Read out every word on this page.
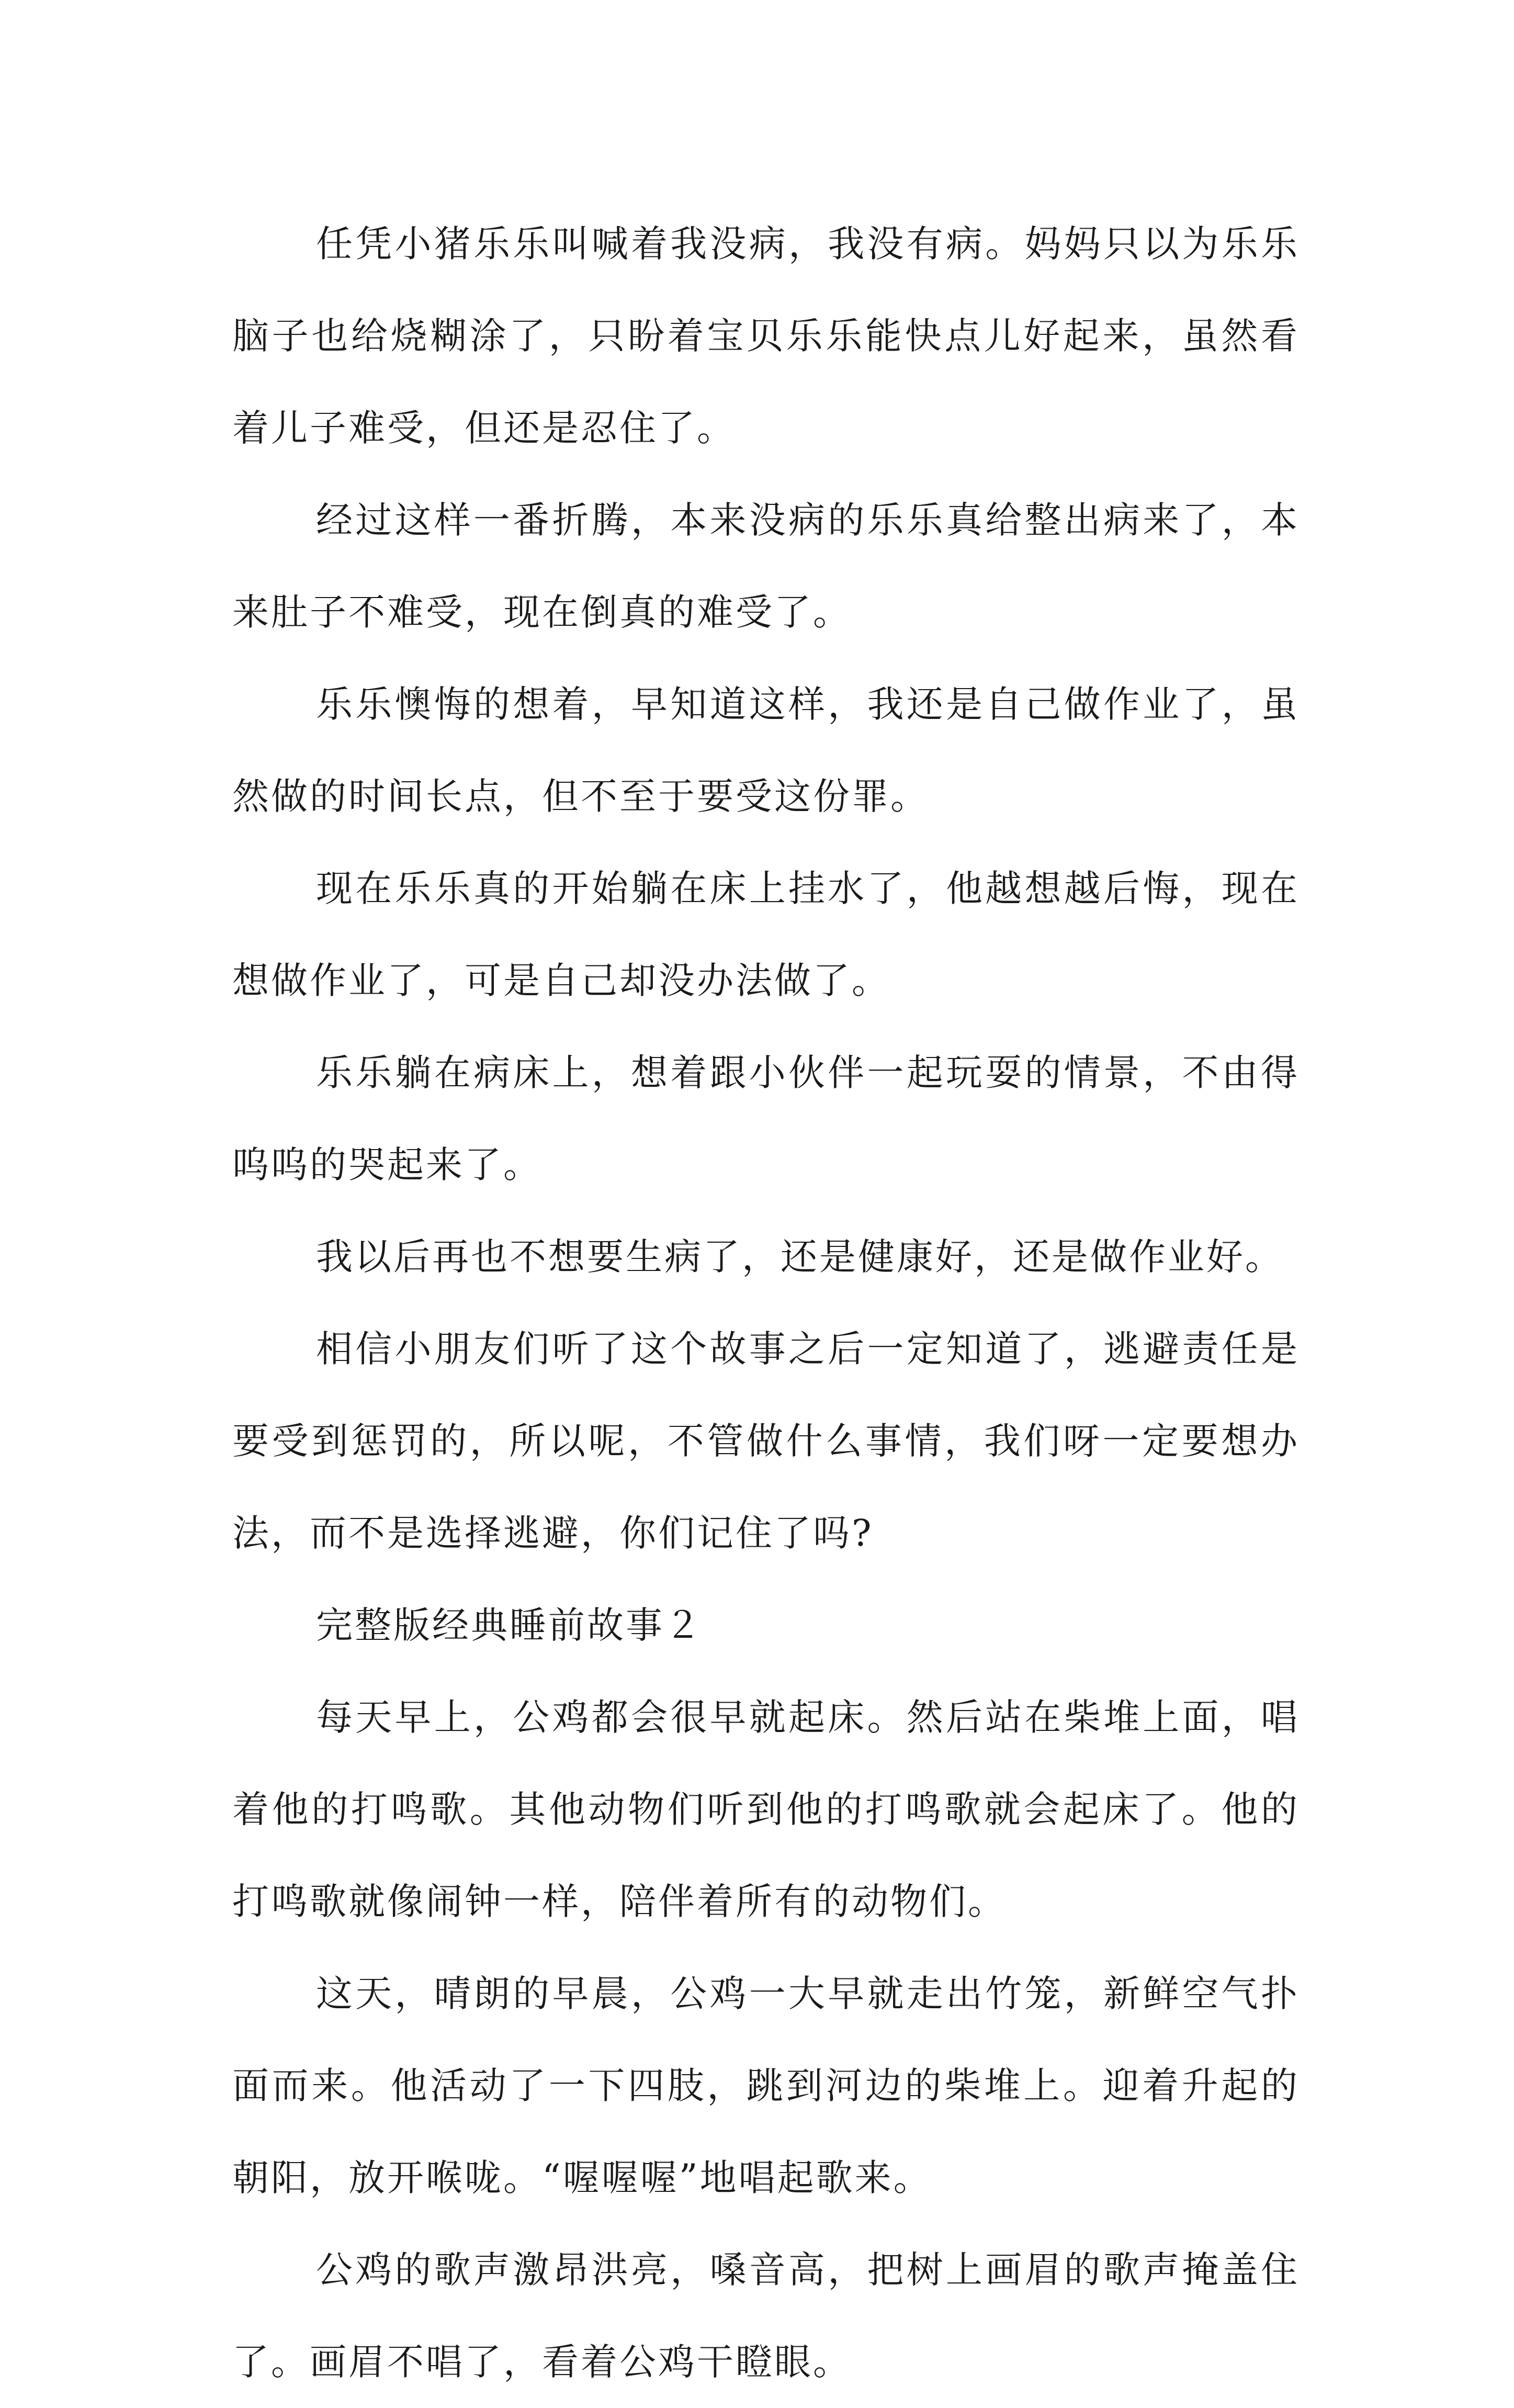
任凭小猪乐乐叫喊着我没病，我没有病。妈妈只以为乐乐脑子也给烧糊涂了，只盼着宝贝乐乐能快点儿好起来，虽然看着儿子难受，但还是忍住了。

经过这样一番折腾，本来没病的乐乐真给整出病来了，本来肚子不难受，现在倒真的难受了。

乐乐懊悔的想着，早知道这样，我还是自己做作业了，虽然做的时间长点，但不至于要受这份罪。

现在乐乐真的开始躺在床上挂水了，他越想越后悔，现在想做作业了，可是自己却没办法做了。

乐乐躺在病床上，想着跟小伙伴一起玩耍的情景，不由得呜呜的哭起来了。

我以后再也不想要生病了，还是健康好，还是做作业好。

相信小朋友们听了这个故事之后一定知道了，逃避责任是要受到惩罚的，所以呢，不管做什么事情，我们呀一定要想办法，而不是选择逃避，你们记住了吗?

完整版经典睡前故事２

每天早上，公鸡都会很早就起床。然后站在柴堆上面，唱着他的打鸣歌。其他动物们听到他的打鸣歌就会起床了。他的打鸣歌就像闹钟一样，陪伴着所有的动物们。

这天，晴朗的早晨，公鸡一大早就走出竹笼，新鲜空气扑面而来。他活动了一下四肢，跳到河边的柴堆上。迎着升起的朝阳，放开喉咙。“喔喔喔”地唱起歌来。

公鸡的歌声激昂洪亮，嗓音高，把树上画眉的歌声掩盖住了。画眉不唱了，看着公鸡干瞪眼。
